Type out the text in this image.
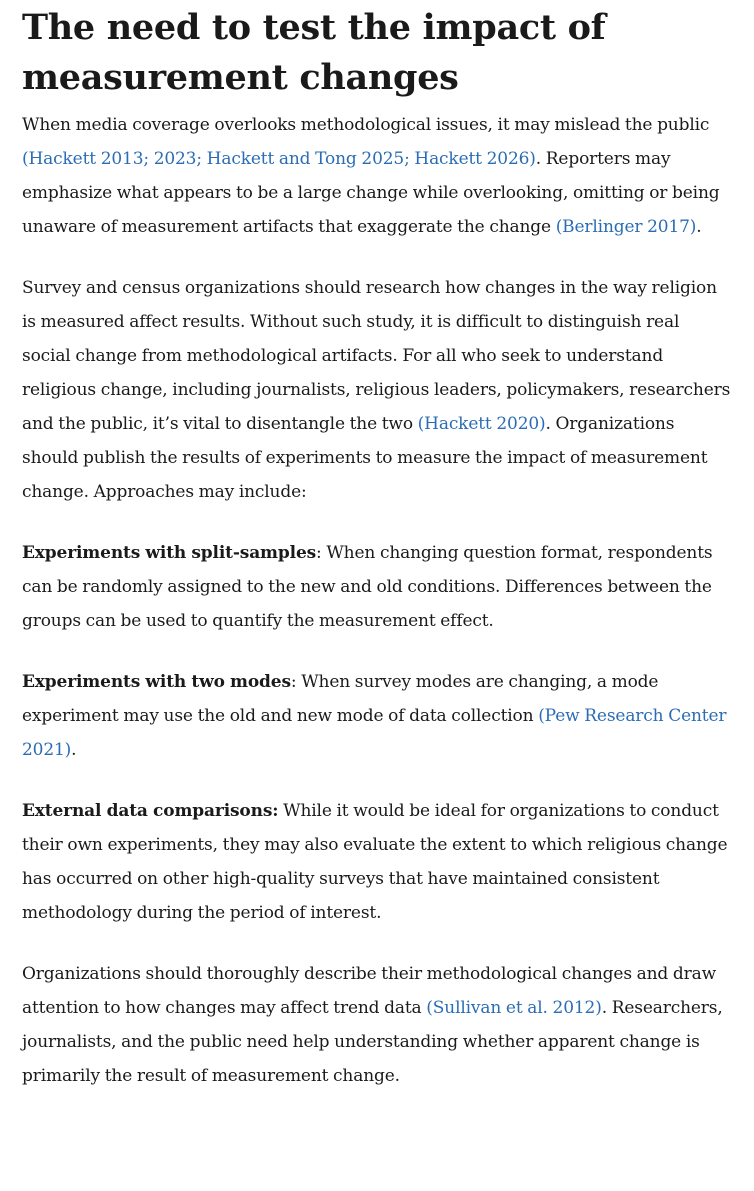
The need to test the impact of measurement changes

When media coverage overlooks methodological issues, it may mislead the public (Hackett 2013; 2023; Hackett and Tong 2025; Hackett 2026). Reporters may emphasize what appears to be a large change while overlooking, omitting or being unaware of measurement artifacts that exaggerate the change (Berlinger 2017).

Survey and census organizations should research how changes in the way religion is measured affect results. Without such study, it is difficult to distinguish real social change from methodological artifacts. For all who seek to understand religious change, including journalists, religious leaders, policymakers, researchers and the public, it’s vital to disentangle the two (Hackett 2020). Organizations should publish the results of experiments to measure the impact of measurement change. Approaches may include:

Experiments with split-samples: When changing question format, respondents can be randomly assigned to the new and old conditions. Differences between the groups can be used to quantify the measurement effect.

Experiments with two modes: When survey modes are changing, a mode experiment may use the old and new mode of data collection (Pew Research Center 2021).

External data comparisons: While it would be ideal for organizations to conduct their own experiments, they may also evaluate the extent to which religious change has occurred on other high-quality surveys that have maintained consistent methodology during the period of interest.

Organizations should thoroughly describe their methodological changes and draw attention to how changes may affect trend data (Sullivan et al. 2012). Researchers, journalists, and the public need help understanding whether apparent change is primarily the result of measurement change.
